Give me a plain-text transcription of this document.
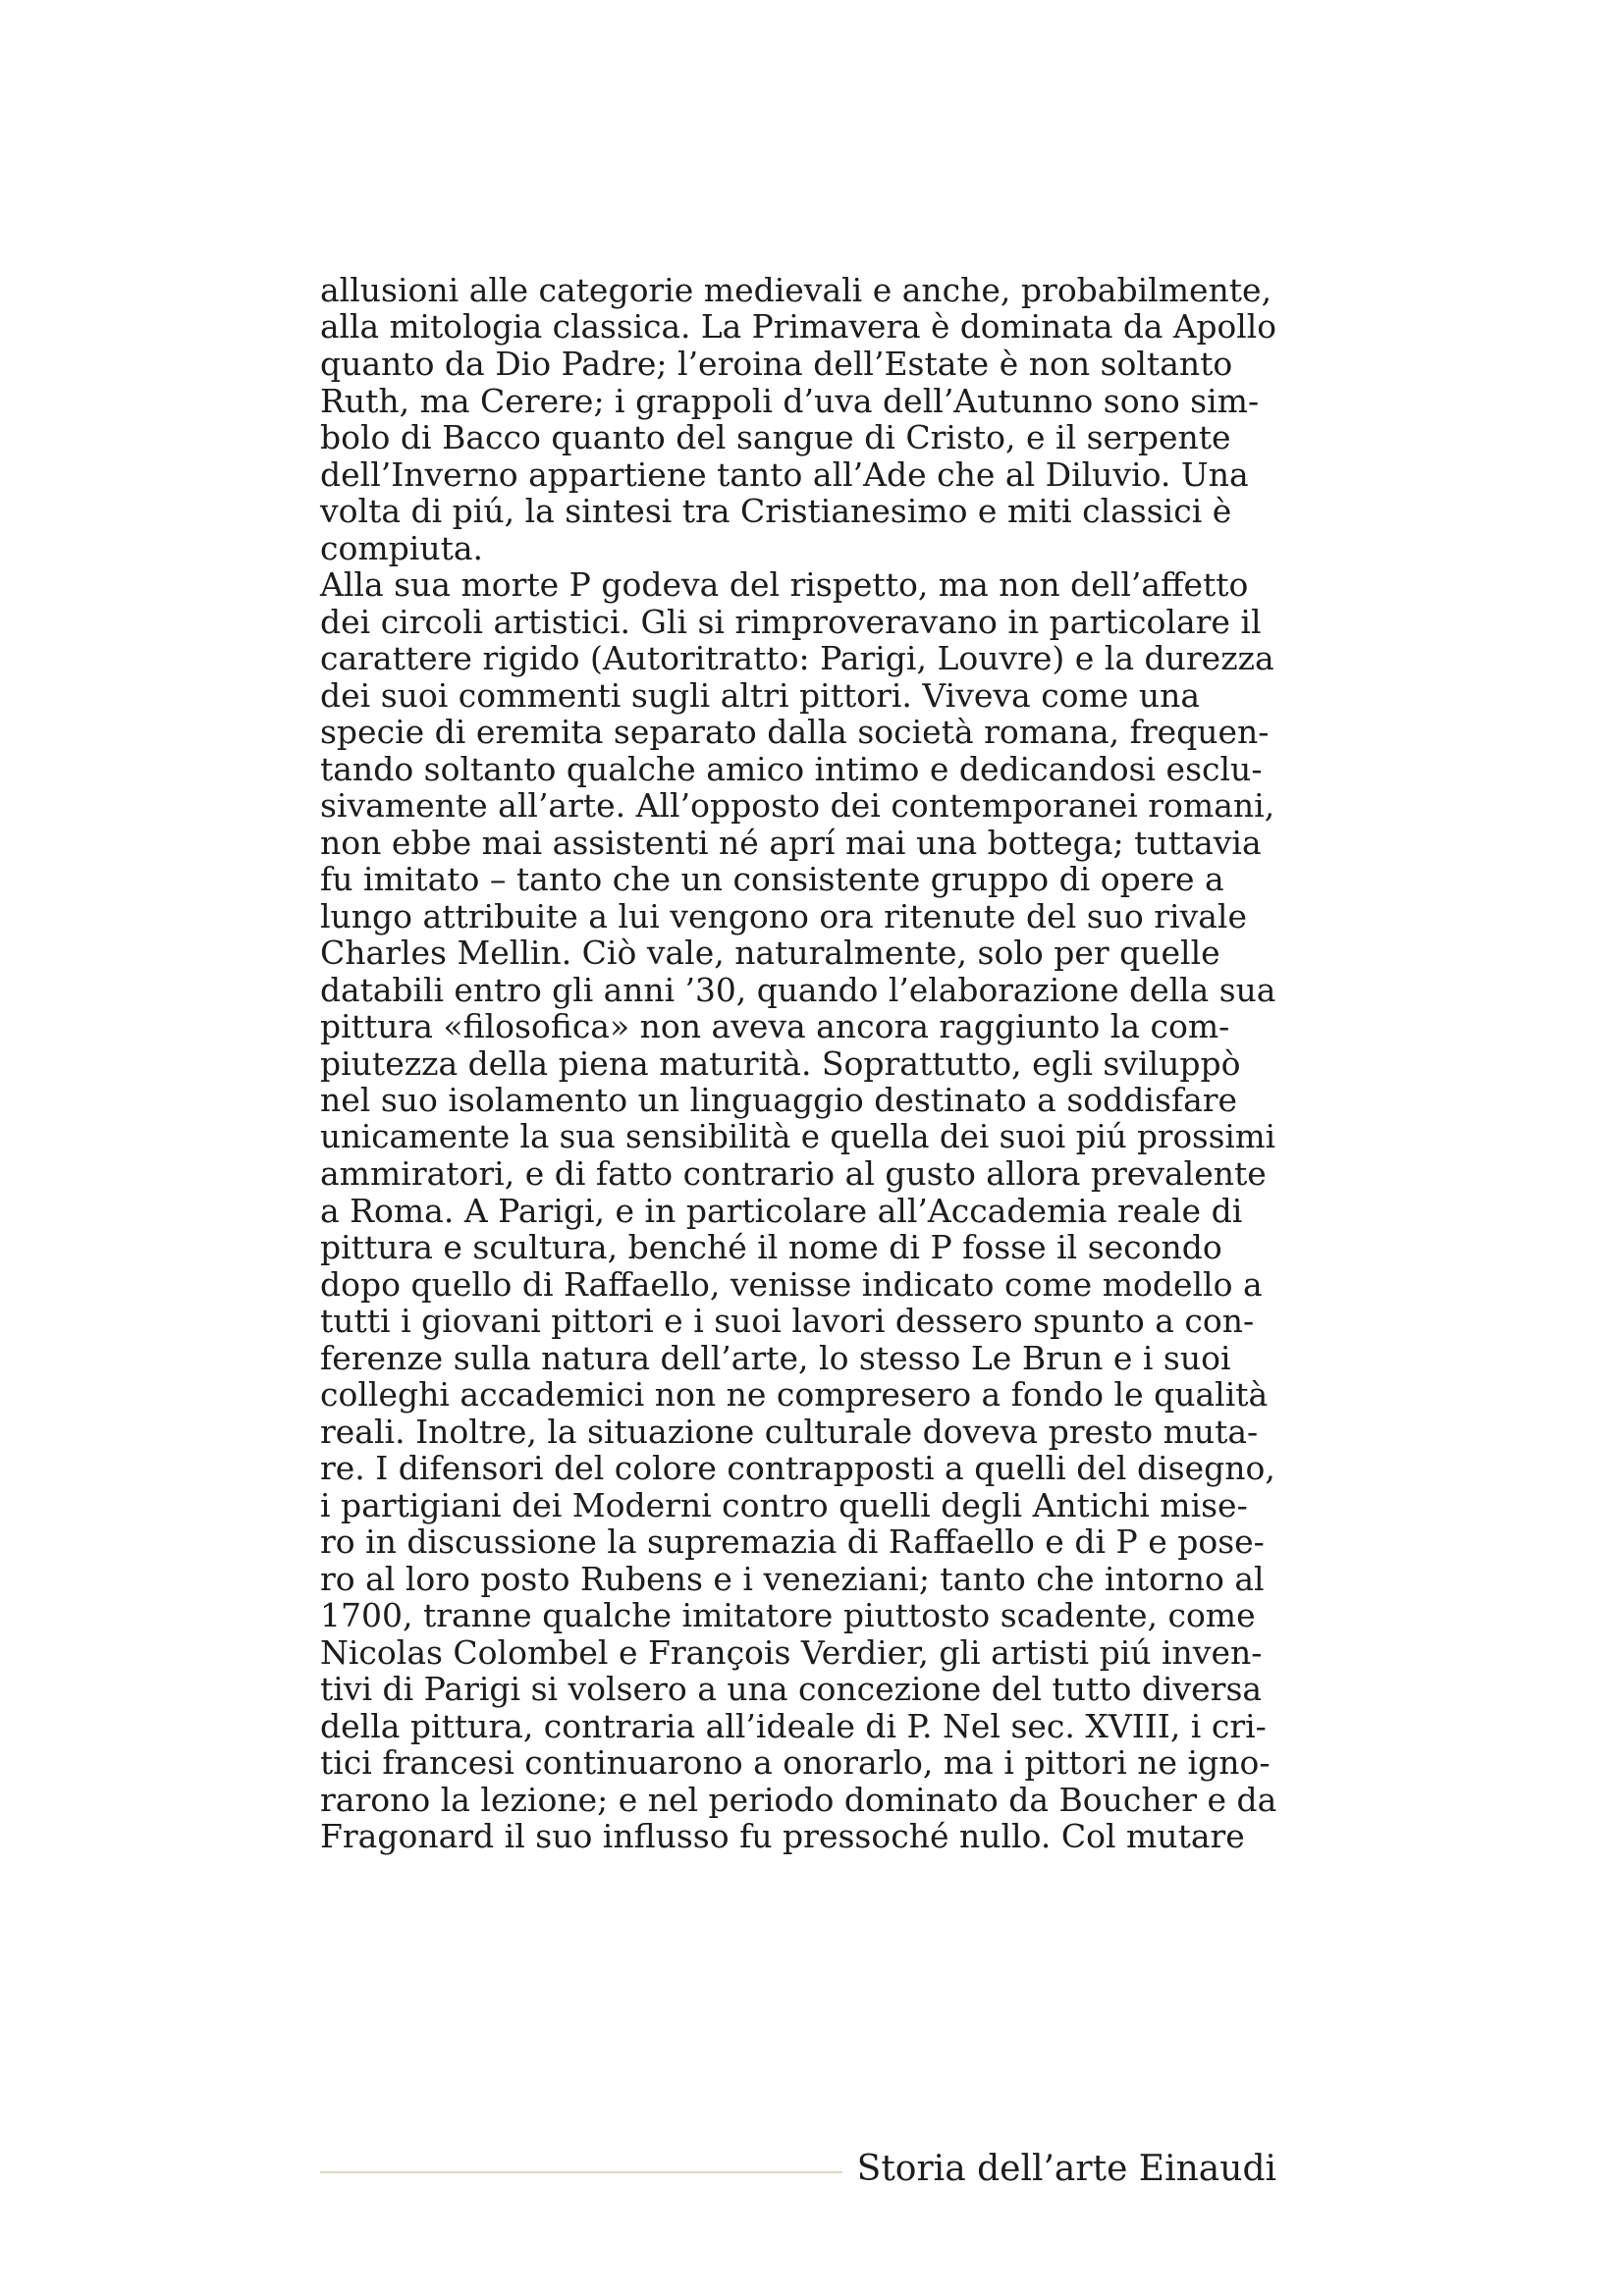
allusioni alle categorie medievali e anche, probabilmente,
alla mitologia classica. La Primavera è dominata da Apollo
quanto da Dio Padre; l’eroina dell’Estate è non soltanto
Ruth, ma Cerere; i grappoli d’uva dell’Autunno sono sim-
bolo di Bacco quanto del sangue di Cristo, e il serpente
dell’Inverno appartiene tanto all’Ade che al Diluvio. Una
volta di piú, la sintesi tra Cristianesimo e miti classici è
compiuta.
Alla sua morte P godeva del rispetto, ma non dell’affetto
dei circoli artistici. Gli si rimproveravano in particolare il
carattere rigido (Autoritratto: Parigi, Louvre) e la durezza
dei suoi commenti sugli altri pittori. Viveva come una
specie di eremita separato dalla società romana, frequen-
tando soltanto qualche amico intimo e dedicandosi esclu-
sivamente all’arte. All’opposto dei contemporanei romani,
non ebbe mai assistenti né aprí mai una bottega; tuttavia
fu imitato – tanto che un consistente gruppo di opere a
lungo attribuite a lui vengono ora ritenute del suo rivale
Charles Mellin. Ciò vale, naturalmente, solo per quelle
databili entro gli anni ’30, quando l’elaborazione della sua
pittura «filosofica» non aveva ancora raggiunto la com-
piutezza della piena maturità. Soprattutto, egli sviluppò
nel suo isolamento un linguaggio destinato a soddisfare
unicamente la sua sensibilità e quella dei suoi piú prossimi
ammiratori, e di fatto contrario al gusto allora prevalente
a Roma. A Parigi, e in particolare all’Accademia reale di
pittura e scultura, benché il nome di P fosse il secondo
dopo quello di Raffaello, venisse indicato come modello a
tutti i giovani pittori e i suoi lavori dessero spunto a con-
ferenze sulla natura dell’arte, lo stesso Le Brun e i suoi
colleghi accademici non ne compresero a fondo le qualità
reali. Inoltre, la situazione culturale doveva presto muta-
re. I difensori del colore contrapposti a quelli del disegno,
i partigiani dei Moderni contro quelli degli Antichi mise-
ro in discussione la supremazia di Raffaello e di P e pose-
ro al loro posto Rubens e i veneziani; tanto che intorno al
1700, tranne qualche imitatore piuttosto scadente, come
Nicolas Colombel e François Verdier, gli artisti piú inven-
tivi di Parigi si volsero a una concezione del tutto diversa
della pittura, contraria all’ideale di P. Nel sec. XVIII, i cri-
tici francesi continuarono a onorarlo, ma i pittori ne igno-
rarono la lezione; e nel periodo dominato da Boucher e da
Fragonard il suo influsso fu pressoché nullo. Col mutare
Storia dell’arte Einaudi
